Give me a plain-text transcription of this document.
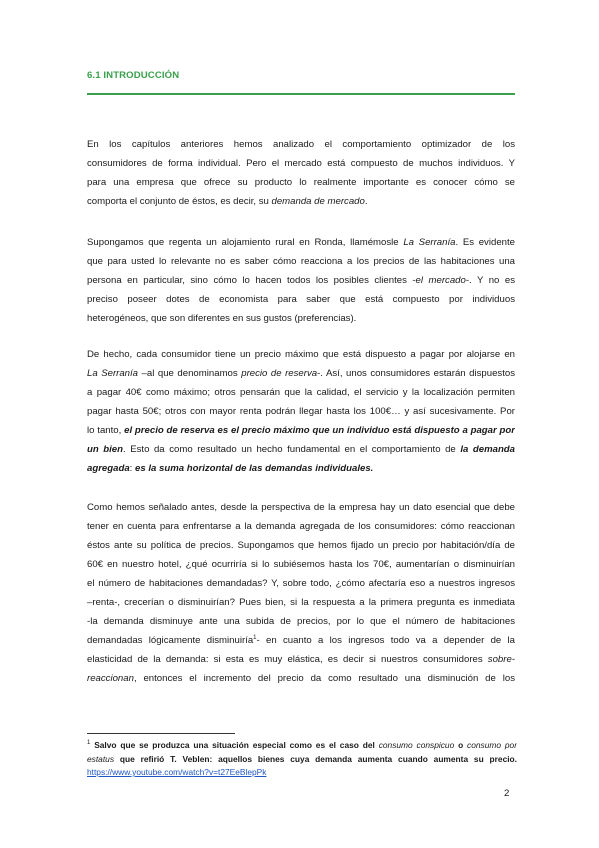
6.1 INTRODUCCIÓN
En los capítulos anteriores hemos analizado el comportamiento optimizador de los
consumidores de forma individual. Pero el mercado está compuesto de muchos individuos. Y
para una empresa que ofrece su producto lo realmente importante es conocer cómo se
comporta el conjunto de éstos, es decir, su demanda de mercado.
Supongamos que regenta un alojamiento rural en Ronda, llamémosle La Serranía. Es evidente
que para usted lo relevante no es saber cómo reacciona a los precios de las habitaciones una
persona en particular, sino cómo lo hacen todos los posibles clientes -el mercado-. Y no es
preciso poseer dotes de economista para saber que está compuesto por individuos
heterogéneos, que son diferentes en sus gustos (preferencias).
De hecho, cada consumidor tiene un precio máximo que está dispuesto a pagar por alojarse en
La Serranía –al que denominamos precio de reserva-. Así, unos consumidores estarán dispuestos
a pagar 40€ como máximo; otros pensarán que la calidad, el servicio y la localización permiten
pagar hasta 50€; otros con mayor renta podrán llegar hasta los 100€… y así sucesivamente. Por
lo tanto, el precio de reserva es el precio máximo que un individuo está dispuesto a pagar por
un bien. Esto da como resultado un hecho fundamental en el comportamiento de la demanda
agregada: es la suma horizontal de las demandas individuales.
Como hemos señalado antes, desde la perspectiva de la empresa hay un dato esencial que debe
tener en cuenta para enfrentarse a la demanda agregada de los consumidores: cómo reaccionan
éstos ante su política de precios. Supongamos que hemos fijado un precio por habitación/día de
60€ en nuestro hotel, ¿qué ocurriría si lo subiésemos hasta los 70€, aumentarían o disminuirían
el número de habitaciones demandadas? Y, sobre todo, ¿cómo afectaría eso a nuestros ingresos
–renta-, crecerían o disminuirían? Pues bien, si la respuesta a la primera pregunta es inmediata
-la demanda disminuye ante una subida de precios, por lo que el número de habitaciones
demandadas lógicamente disminuiría$^1$- en cuanto a los ingresos todo va a depender de la
elasticidad de la demanda: si esta es muy elástica, es decir si nuestros consumidores sobre-
reaccionan, entonces el incremento del precio da como resultado una disminución de los
$^1$ Salvo que se produzca una situación especial como es el caso del consumo conspicuo o consumo por
estatus que refirió T. Veblen: aquellos bienes cuya demanda aumenta cuando aumenta su precio.
https://www.youtube.com/watch?v=t27EeBlepPk
2
